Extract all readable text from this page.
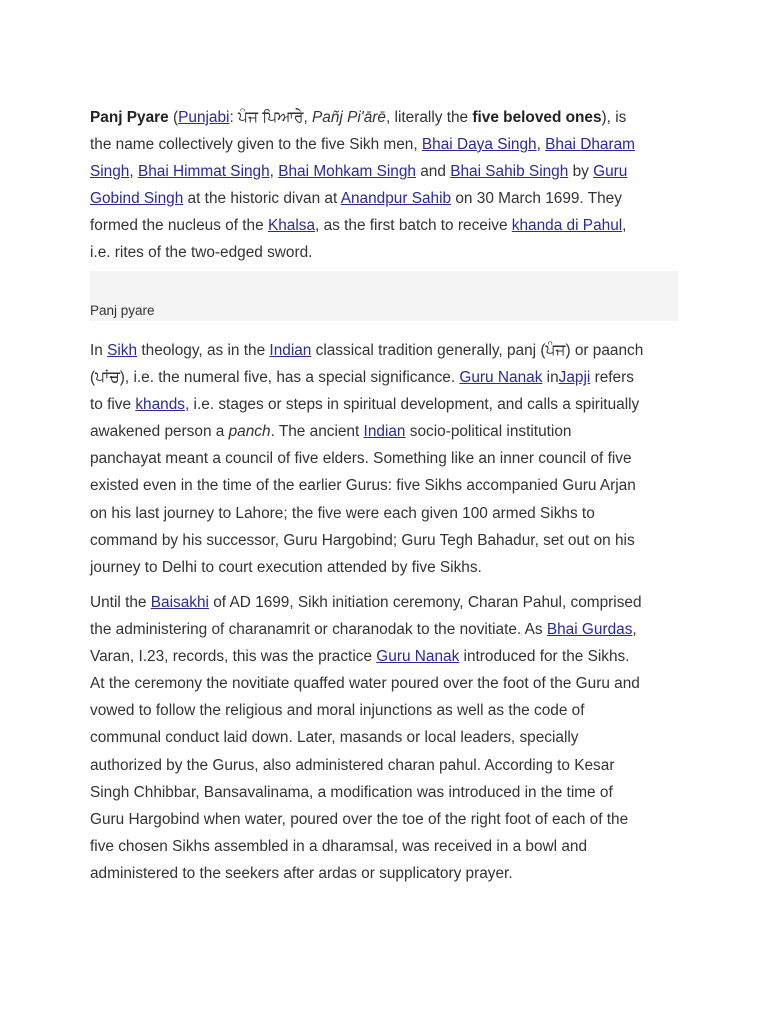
Panj Pyare (Punjabi: ਪੰਜ ਪਿਆਰੇ, Pañj Pi'ārē, literally the five beloved ones), is
the name collectively given to the five Sikh men, Bhai Daya Singh, Bhai Dharam
Singh, Bhai Himmat Singh, Bhai Mohkam Singh and Bhai Sahib Singh by Guru
Gobind Singh at the historic divan at Anandpur Sahib on 30 March 1699. They
formed the nucleus of the Khalsa, as the first batch to receive khanda di Pahul,
i.e. rites of the two-edged sword.
Panj pyare
In Sikh theology, as in the Indian classical tradition generally, panj (ਪੰਜ) or paanch
(ਪਾਂਚ), i.e. the numeral five, has a special significance. Guru Nanak inJapji refers
to five khands, i.e. stages or steps in spiritual development, and calls a spiritually
awakened person a panch. The ancient Indian socio-political institution
panchayat meant a council of five elders. Something like an inner council of five
existed even in the time of the earlier Gurus: five Sikhs accompanied Guru Arjan
on his last journey to Lahore; the five were each given 100 armed Sikhs to
command by his successor, Guru Hargobind; Guru Tegh Bahadur, set out on his
journey to Delhi to court execution attended by five Sikhs.
Until the Baisakhi of AD 1699, Sikh initiation ceremony, Charan Pahul, comprised
the administering of charanamrit or charanodak to the novitiate. As Bhai Gurdas,
Varan, I.23, records, this was the practice Guru Nanak introduced for the Sikhs.
At the ceremony the novitiate quaffed water poured over the foot of the Guru and
vowed to follow the religious and moral injunctions as well as the code of
communal conduct laid down. Later, masands or local leaders, specially
authorized by the Gurus, also administered charan pahul. According to Kesar
Singh Chhibbar, Bansavalinama, a modification was introduced in the time of
Guru Hargobind when water, poured over the toe of the right foot of each of the
five chosen Sikhs assembled in a dharamsal, was received in a bowl and
administered to the seekers after ardas or supplicatory prayer.
